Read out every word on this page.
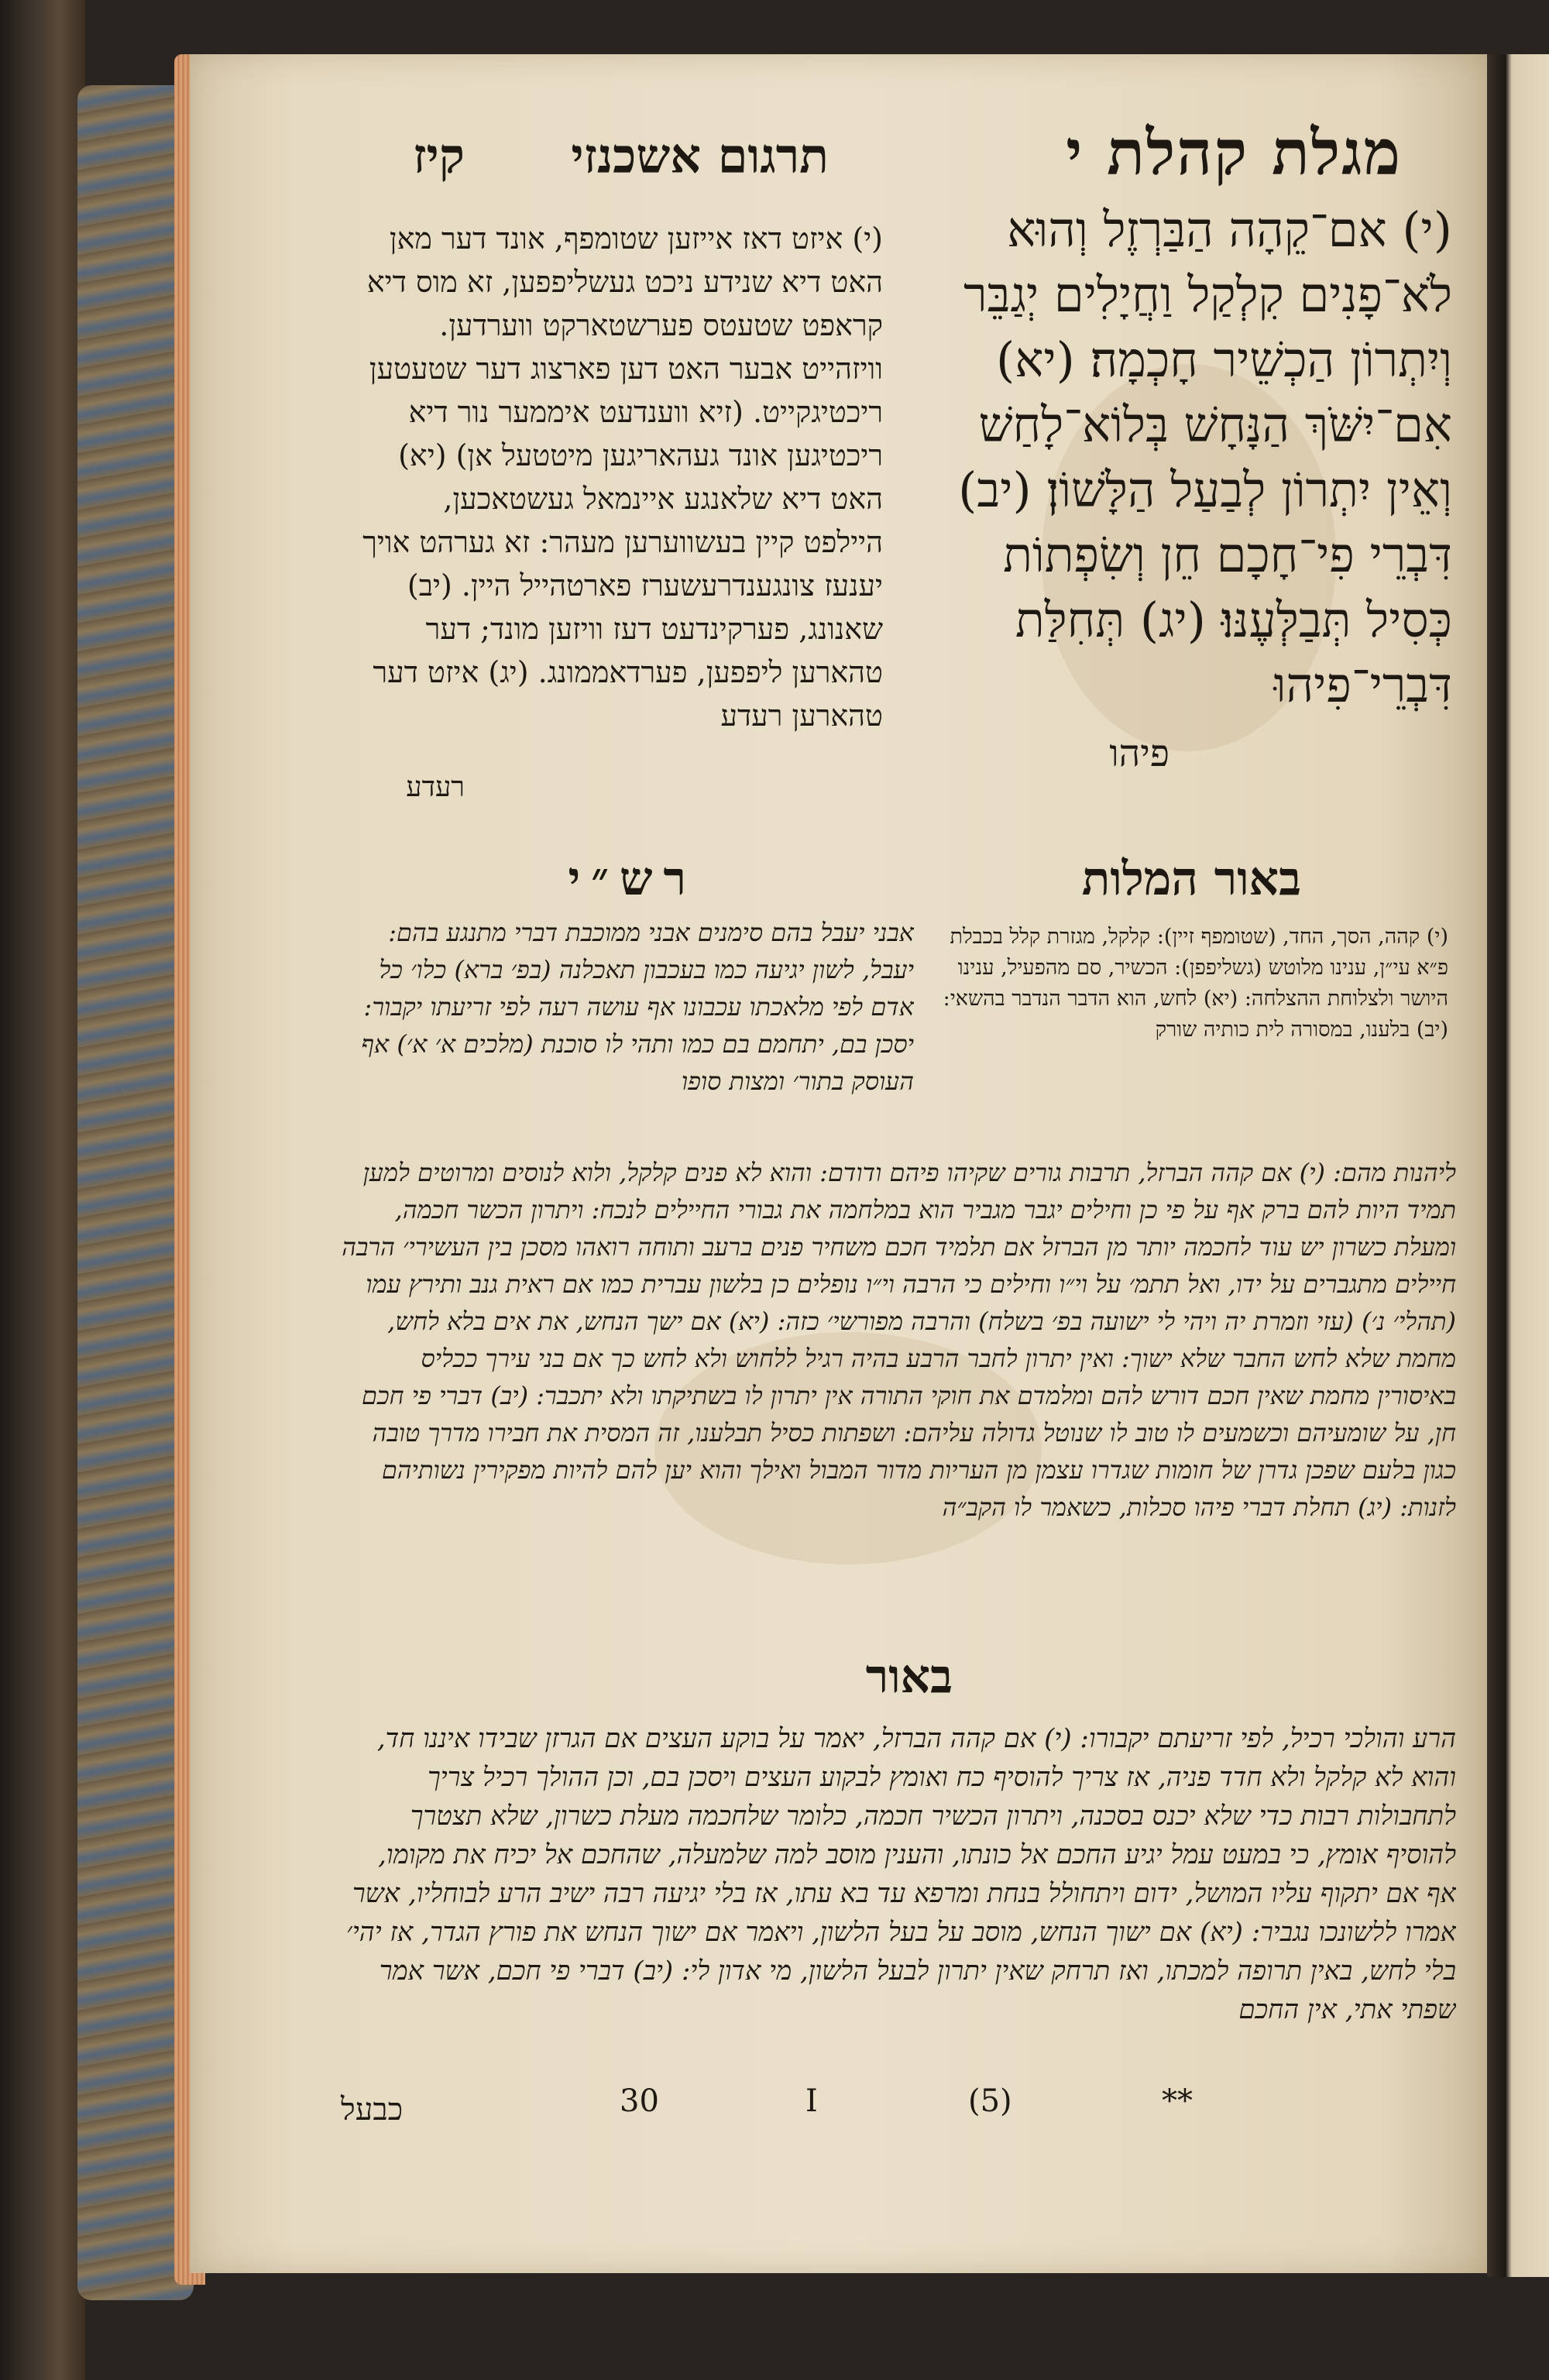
מגלת קהלת י
תרגום אשכנזי
קיז
(י) אם־קֵהָה הַבַּרְזֶל וְהוּא לֹא־פָנִים קִלְקַל וַחֲיָלִים יְגַבֵּר וְיִתְרוֹן הַכְשֵׁיר חָכְמָה׃ (יא) אִם־יִשֹּׁךְ הַנָּחָשׁ בְּלוֹא־לָחַשׁ וְאֵין יִתְרוֹן לְבַעַל הַלָּשׁוֹן׃ (יב) דִּבְרֵי פִי־חָכָם חֵן וְשִׂפְתוֹת כְּסִיל תְּבַלְּעֶנּוּ׃ (יג) תְּחִלַּת דִּבְרֵי־פִיהוּ
פיהו
(י) איזט דאז אייזען שטומפף, אונד דער מאן האט דיא שנידע ניכט געשליפפען, זא מוס דיא קראפט שטעטס פערשטארקט ווערדען. וויזהייט אבער האט דען פארצוג דער שטעטען ריכטיגקייט. (זיא ווענדעט איממער נור דיא ריכטיגען אונד געהאריגען מיטטעל אן) (יא) האט דיא שלאנגע איינמאל געשטאכען, היילפט קיין בעשווערען מעהר: זא גערהט אויך יענעז צונגענדרעשערז פארטהייל היין. (יב) שאנונג, פערקינדעט דעז וויזען מונד; דער טהארען ליפפען, פערדאממונג. (יג) איזט דער טהארען רעדע
רעדע
באור המלות
רש״י
(י) קהה, הסך, החד, (שטומפף זיין): קלקל, מגזרת קלל בכבלת פ״א עי״ן, ענינו מלוטש (גשליפפן): הכשיר, סם מהפעיל, ענינו היושר ולצלוחת ההצלחה: (יא) לחש, הוא הדבר הנדבר בהשאי: (יב) בלענו, במסורה לית כותיה שורק
אבני יעבל בהם סימנים אבני ממוכבת דברי מתנגע בהם: יעבל, לשון יגיעה כמו בעכבון תאכלנה (בפ׳ ברא) כלו׳ כל אדם לפי מלאכתו עכבונו אף עושה רעה לפי זריעתו יקבור: יסכן בם, יתחמם בם כמו ותהי לו סוכנת (מלכים א׳ א׳) אף העוסק בתור׳ ומצות סופו
ליהנות מהם: (י) אם קהה הברזל, תרבות גורים שקיהו פיהם ודודם: והוא לא פנים קלקל, ולוא לנוסים ומרוטים למען תמיד היות להם ברק אף על פי כן וחילים יגבר מגביר הוא במלחמה את גבורי החיילים לנכח: ויתרון הכשר חכמה, ומעלת כשרון יש עוד לחכמה יותר מן הברזל אם תלמיד חכם משחיר פנים ברעב ותוחה רואהו מסכן בין העשירי׳ הרבה חיילים מתגברים על ידו, ואל תתמ׳ על וי״ו וחילים כי הרבה וי״ו נופלים כן בלשון עברית כמו אם ראית גנב ותירץ עמו (תהלי׳ נ׳) (עזי וזמרת יה ויהי לי ישועה בפ׳ בשלח) והרבה מפורשי׳ כזה: (יא) אם ישך הנחש, את אים בלא לחש, מחמת שלא לחש החבר שלא ישוך: ואין יתרון לחבר הרבע בהיה רגיל ללחוש ולא לחש כך אם בני עירך ככליס באיסורין מחמת שאין חכם דורש להם ומלמדם את חוקי התורה אין יתרון לו בשתיקתו ולא יתכבר: (יב) דברי פי חכם חן, על שומעיהם וכשמעים לו טוב לו שנוטל גדולה עליהם: ושפתות כסיל תבלענו, זה המסית את חבירו מדרך טובה כגון בלעם שפכן גדרן של חומות שגדרו עצמן מן העריות מדור המבול ואילך והוא יען להם להיות מפקירין נשותיהם לזנות: (יג) תחלת דברי פיהו סכלות, כשאמר לו הקב״ה
באור
הרע והולכי רכיל, לפי זריעתם יקבורו: (י) אם קהה הברזל, יאמר על בוקע העצים אם הגרזן שבידו איננו חד, והוא לא קלקל ולא חדד פניה, אז צריך להוסיף כח ואומץ לבקוע העצים ויסכן בם, וכן ההולך רכיל צריך לתחבולות רבות כדי שלא יכנס בסכנה, ויתרון הכשיר חכמה, כלומר שלחכמה מעלת כשרון, שלא תצטרך להוסיף אומץ, כי במעט עמל יגיע החכם אל כונתו, והענין מוסב למה שלמעלה, שהחכם אל יכיח את מקומו, אף אם יתקוף עליו המושל, ידום ויתחולל בנחת ומרפא עד בא עתו, אז בלי יגיעה רבה ישיב הרע לבוחליו, אשר אמרו ללשונכו נגביר: (יא) אם ישוך הנחש, מוסב על בעל הלשון, ויאמר אם ישוך הנחש את פורץ הגדר, אז יהי׳ בלי לחש, באין תרופה למכתו, ואז תרחק שאין יתרון לבעל הלשון, מי אדון לי: (יב) דברי פי חכם, אשר אמר שפתי אתי, אין החכם
כבעל	30	I	(5)	**
